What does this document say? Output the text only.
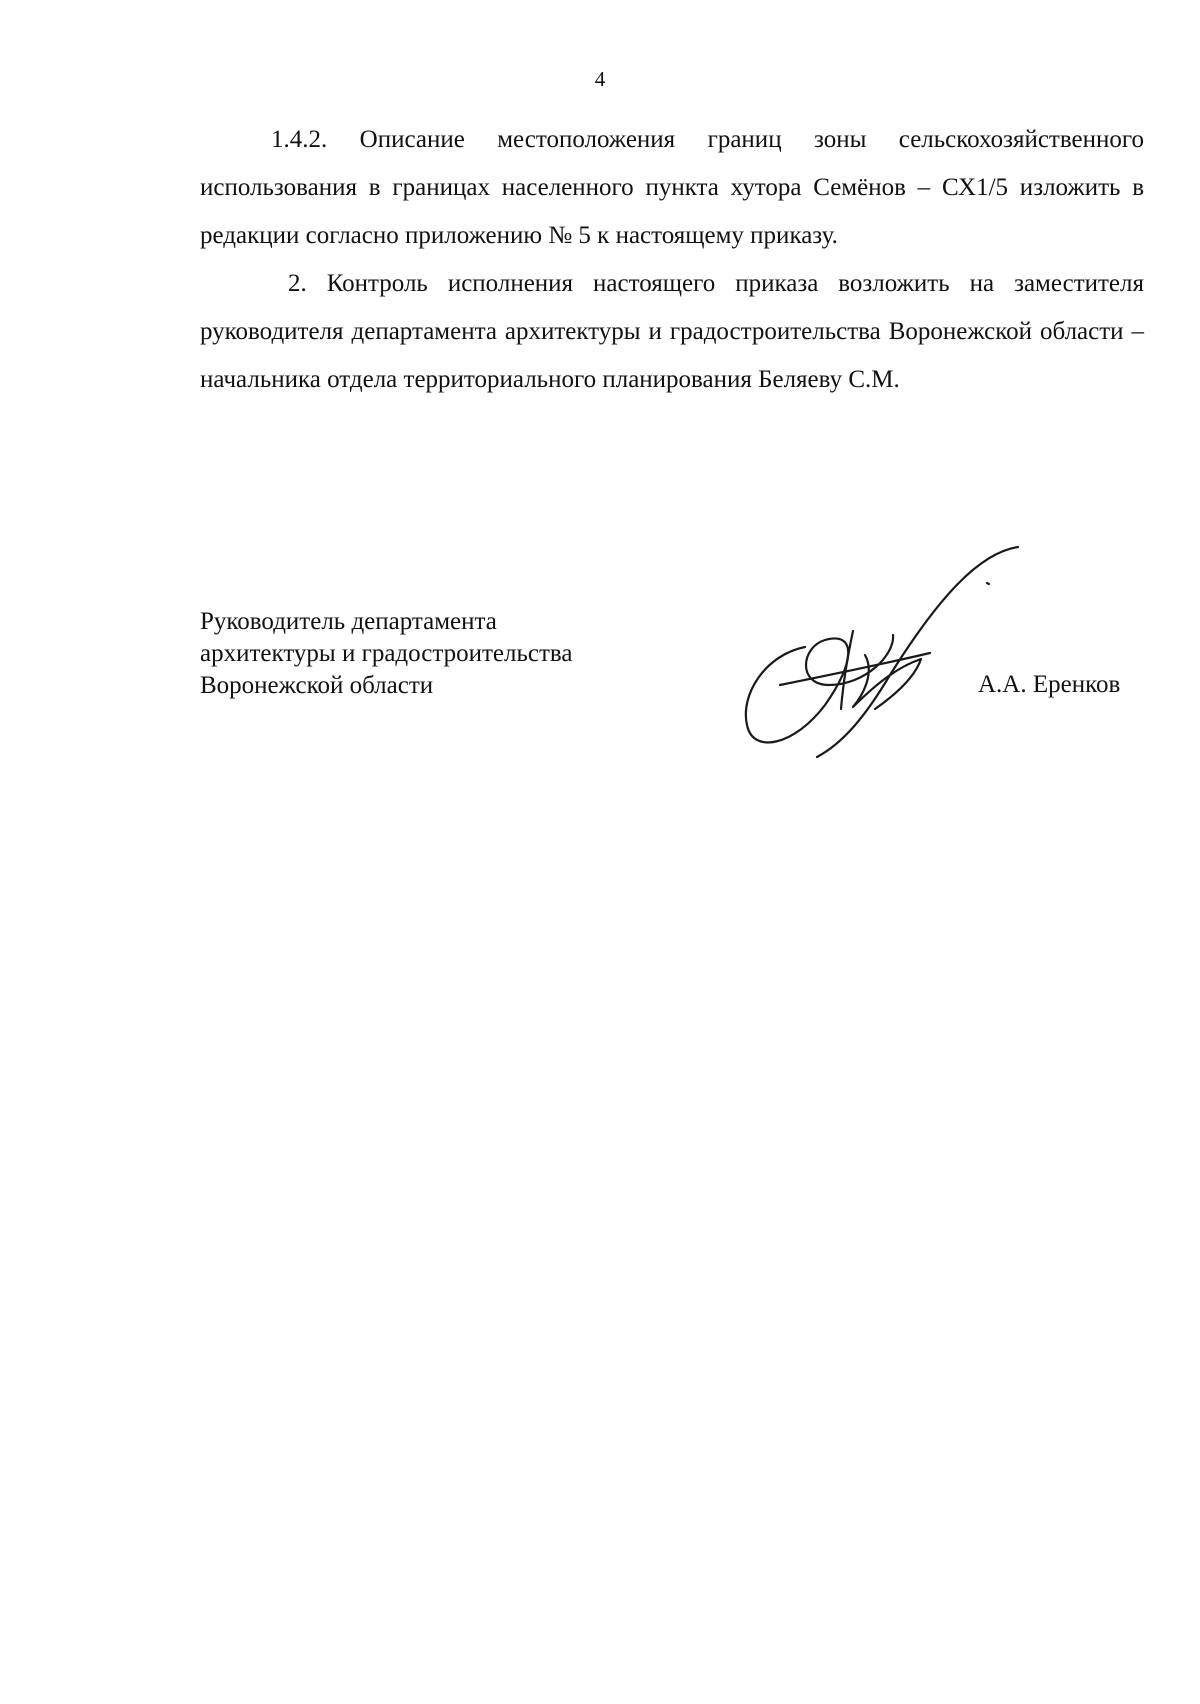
4

1.4.2. Описание местоположения границ зоны сельскохозяйственного использования в границах населенного пункта хутора Семёнов – СХ1/5 изложить в редакции согласно приложению № 5 к настоящему приказу.

2. Контроль исполнения настоящего приказа возложить на заместителя руководителя департамента архитектуры и градостроительства Воронежской области – начальника отдела территориального планирования Беляеву С.М.

Руководитель департамента
архитектуры и градостроительства
Воронежской области	А.А. Еренков
